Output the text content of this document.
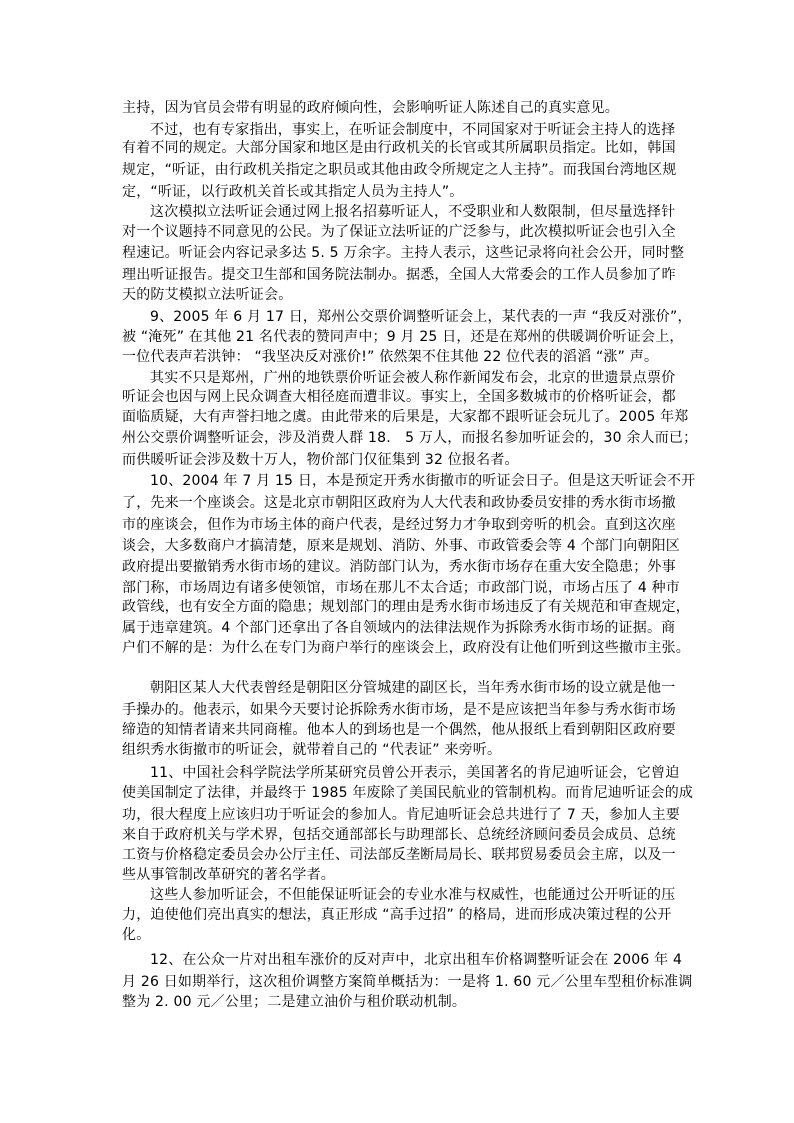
主持，因为官员会带有明显的政府倾向性，会影响听证人陈述自己的真实意见。
不过，也有专家指出，事实上，在听证会制度中，不同国家对于听证会主持人的选择
有着不同的规定。大部分国家和地区是由行政机关的长官或其所属职员指定。比如，韩国
规定，“听证，由行政机关指定之职员或其他由政令所规定之人主持”。而我国台湾地区规
定，“听证，以行政机关首长或其指定人员为主持人”。
这次模拟立法听证会通过网上报名招募听证人，不受职业和人数限制，但尽量选择针
对一个议题持不同意见的公民。为了保证立法听证的广泛参与，此次模拟听证会也引入全
程速记。听证会内容记录多达 5. 5 万余字。主持人表示，这些记录将向社会公开，同时整
理出听证报告。提交卫生部和国务院法制办。据悉，全国人大常委会的工作人员参加了昨
天的防艾模拟立法听证会。
9、2005 年 6 月 17 日，郑州公交票价调整听证会上，某代表的一声 “我反对涨价”，
被 “淹死” 在其他 21 名代表的赞同声中；9 月 25 日，还是在郑州的供暖调价听证会上，
一位代表声若洪钟： “我坚决反对涨价!” 依然架不住其他 22 位代表的滔滔 “涨” 声。
其实不只是郑州，广州的地铁票价听证会被人称作新闻发布会，北京的世遗景点票价
听证会也因与网上民众调查大相径庭而遭非议。事实上，全国多数城市的价格听证会，都
面临质疑，大有声誉扫地之虞。由此带来的后果是，大家都不跟听证会玩儿了。2005 年郑
州公交票价调整听证会，涉及消费人群 18.　5 万人，而报名参加听证会的，30 余人而已；
而供暖听证会涉及数十万人，物价部门仅征集到 32 位报名者。
10、2004 年 7 月 15 日，本是预定开秀水街撤市的听证会日子。但是这天听证会不开
了，先来一个座谈会。这是北京市朝阳区政府为人大代表和政协委员安排的秀水街市场撤
市的座谈会，但作为市场主体的商户代表，是经过努力才争取到旁听的机会。直到这次座
谈会，大多数商户才搞清楚，原来是规划、消防、外事、市政管委会等 4 个部门向朝阳区
政府提出要撤销秀水街市场的建议。消防部门认为，秀水街市场存在重大安全隐患；外事
部门称，市场周边有诸多使领馆，市场在那儿不太合适；市政部门说，市场占压了 4 种市
政管线，也有安全方面的隐患；规划部门的理由是秀水街市场违反了有关规范和审查规定，
属于违章建筑。4 个部门还拿出了各自领域内的法律法规作为拆除秀水街市场的证据。商
户们不解的是：为什么在专门为商户举行的座谈会上，政府没有让他们听到这些撤市主张。
朝阳区某人大代表曾经是朝阳区分管城建的副区长，当年秀水街市场的设立就是他一
手操办的。他表示，如果今天要讨论拆除秀水街市场，是不是应该把当年参与秀水街市场
缔造的知情者请来共同商榷。他本人的到场也是一个偶然，他从报纸上看到朝阳区政府要
组织秀水街撤市的听证会，就带着自己的 “代表证” 来旁听。
11、中国社会科学院法学所某研究员曾公开表示，美国著名的肯尼迪听证会，它曾迫
使美国制定了法律，并最终于 1985 年废除了美国民航业的管制机构。而肯尼迪听证会的成
功，很大程度上应该归功于听证会的参加人。肯尼迪听证会总共进行了 7 天，参加人主要
来自于政府机关与学术界，包括交通部部长与助理部长、总统经济顾问委员会成员、总统
工资与价格稳定委员会办公厅主任、司法部反垄断局局长、联邦贸易委员会主席，以及一
些从事管制改革研究的著名学者。
这些人参加听证会，不但能保证听证会的专业水准与权威性，也能通过公开听证的压
力，迫使他们亮出真实的想法，真正形成 “高手过招” 的格局，进而形成决策过程的公开
化。
12、在公众一片对出租车涨价的反对声中，北京出租车价格调整听证会在 2006 年 4
月 26 日如期举行，这次租价调整方案简单概括为：一是将 1. 60 元／公里车型租价标准调
整为 2. 00 元／公里；二是建立油价与租价联动机制。
